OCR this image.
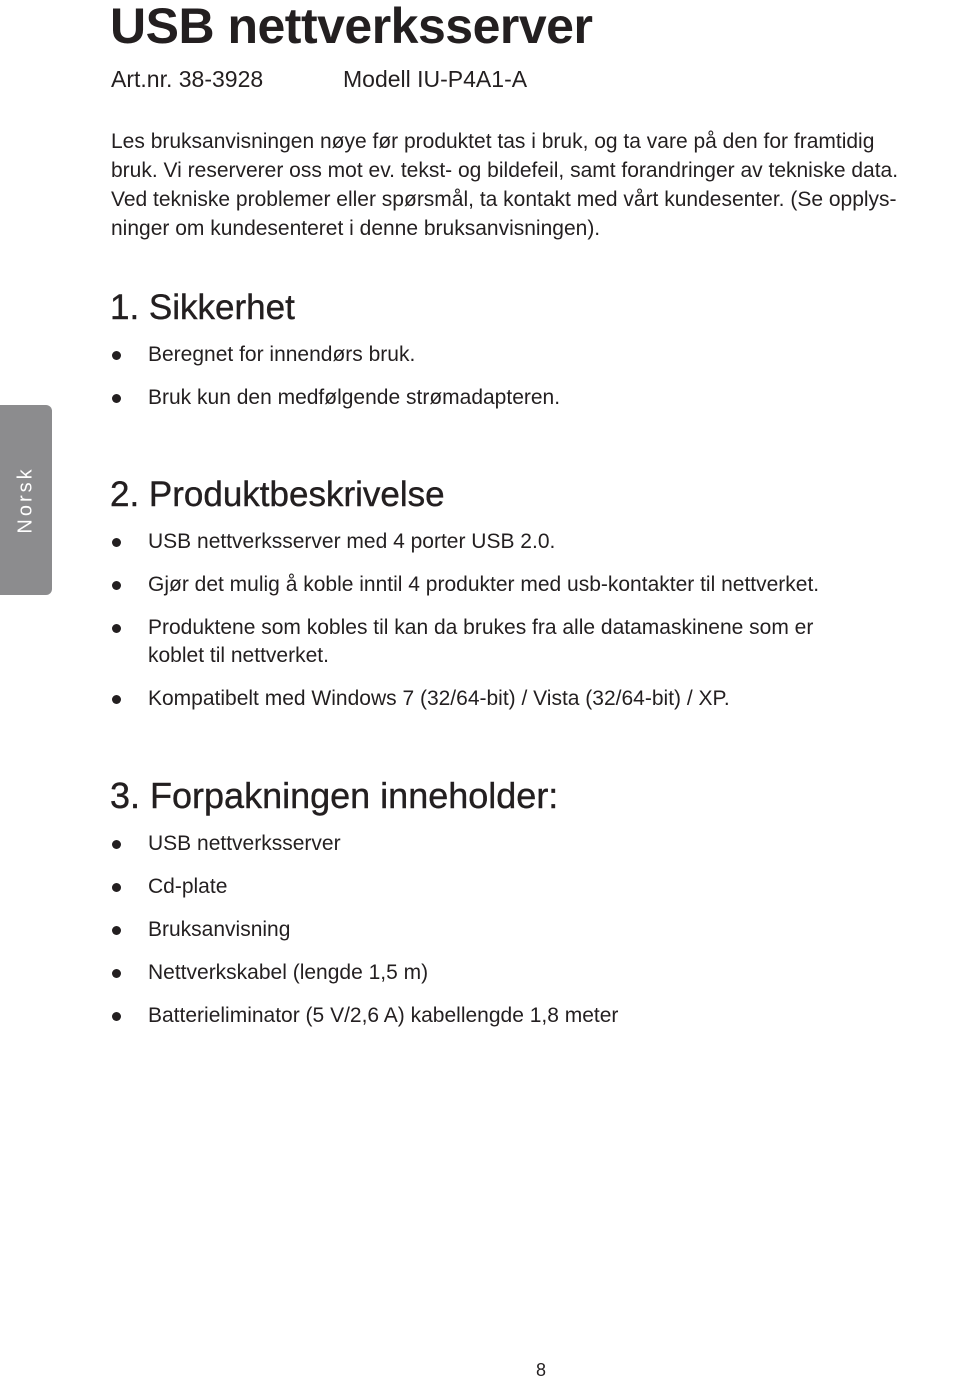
USB nettverksserver
Art.nr. 38-3928	Modell IU-P4A1-A

Les bruksanvisningen nøye før produktet tas i bruk, og ta vare på den for framtidig
bruk. Vi reserverer oss mot ev. tekst- og bildefeil, samt forandringer av tekniske data.
Ved tekniske problemer eller spørsmål, ta kontakt med vårt kundesenter. (Se opplys-
ninger om kundesenteret i denne bruksanvisningen).

Norsk
1. Sikkerhet
Beregnet for innendørs bruk.
Bruk kun den medfølgende strømadapteren.
2. Produktbeskrivelse
USB nettverksserver med 4 porter USB 2.0.
Gjør det mulig å koble inntil 4 produkter med usb-kontakter til nettverket.
Produktene som kobles til kan da brukes fra alle datamaskinene som er
koblet til nettverket.
Kompatibelt med Windows 7 (32/64-bit) / Vista (32/64-bit) / XP.
3. Forpakningen inneholder:
USB nettverksserver
Cd-plate
Bruksanvisning
Nettverkskabel (lengde 1,5 m)
Batterieliminator (5 V/2,6 A) kabellengde 1,8 meter
8
